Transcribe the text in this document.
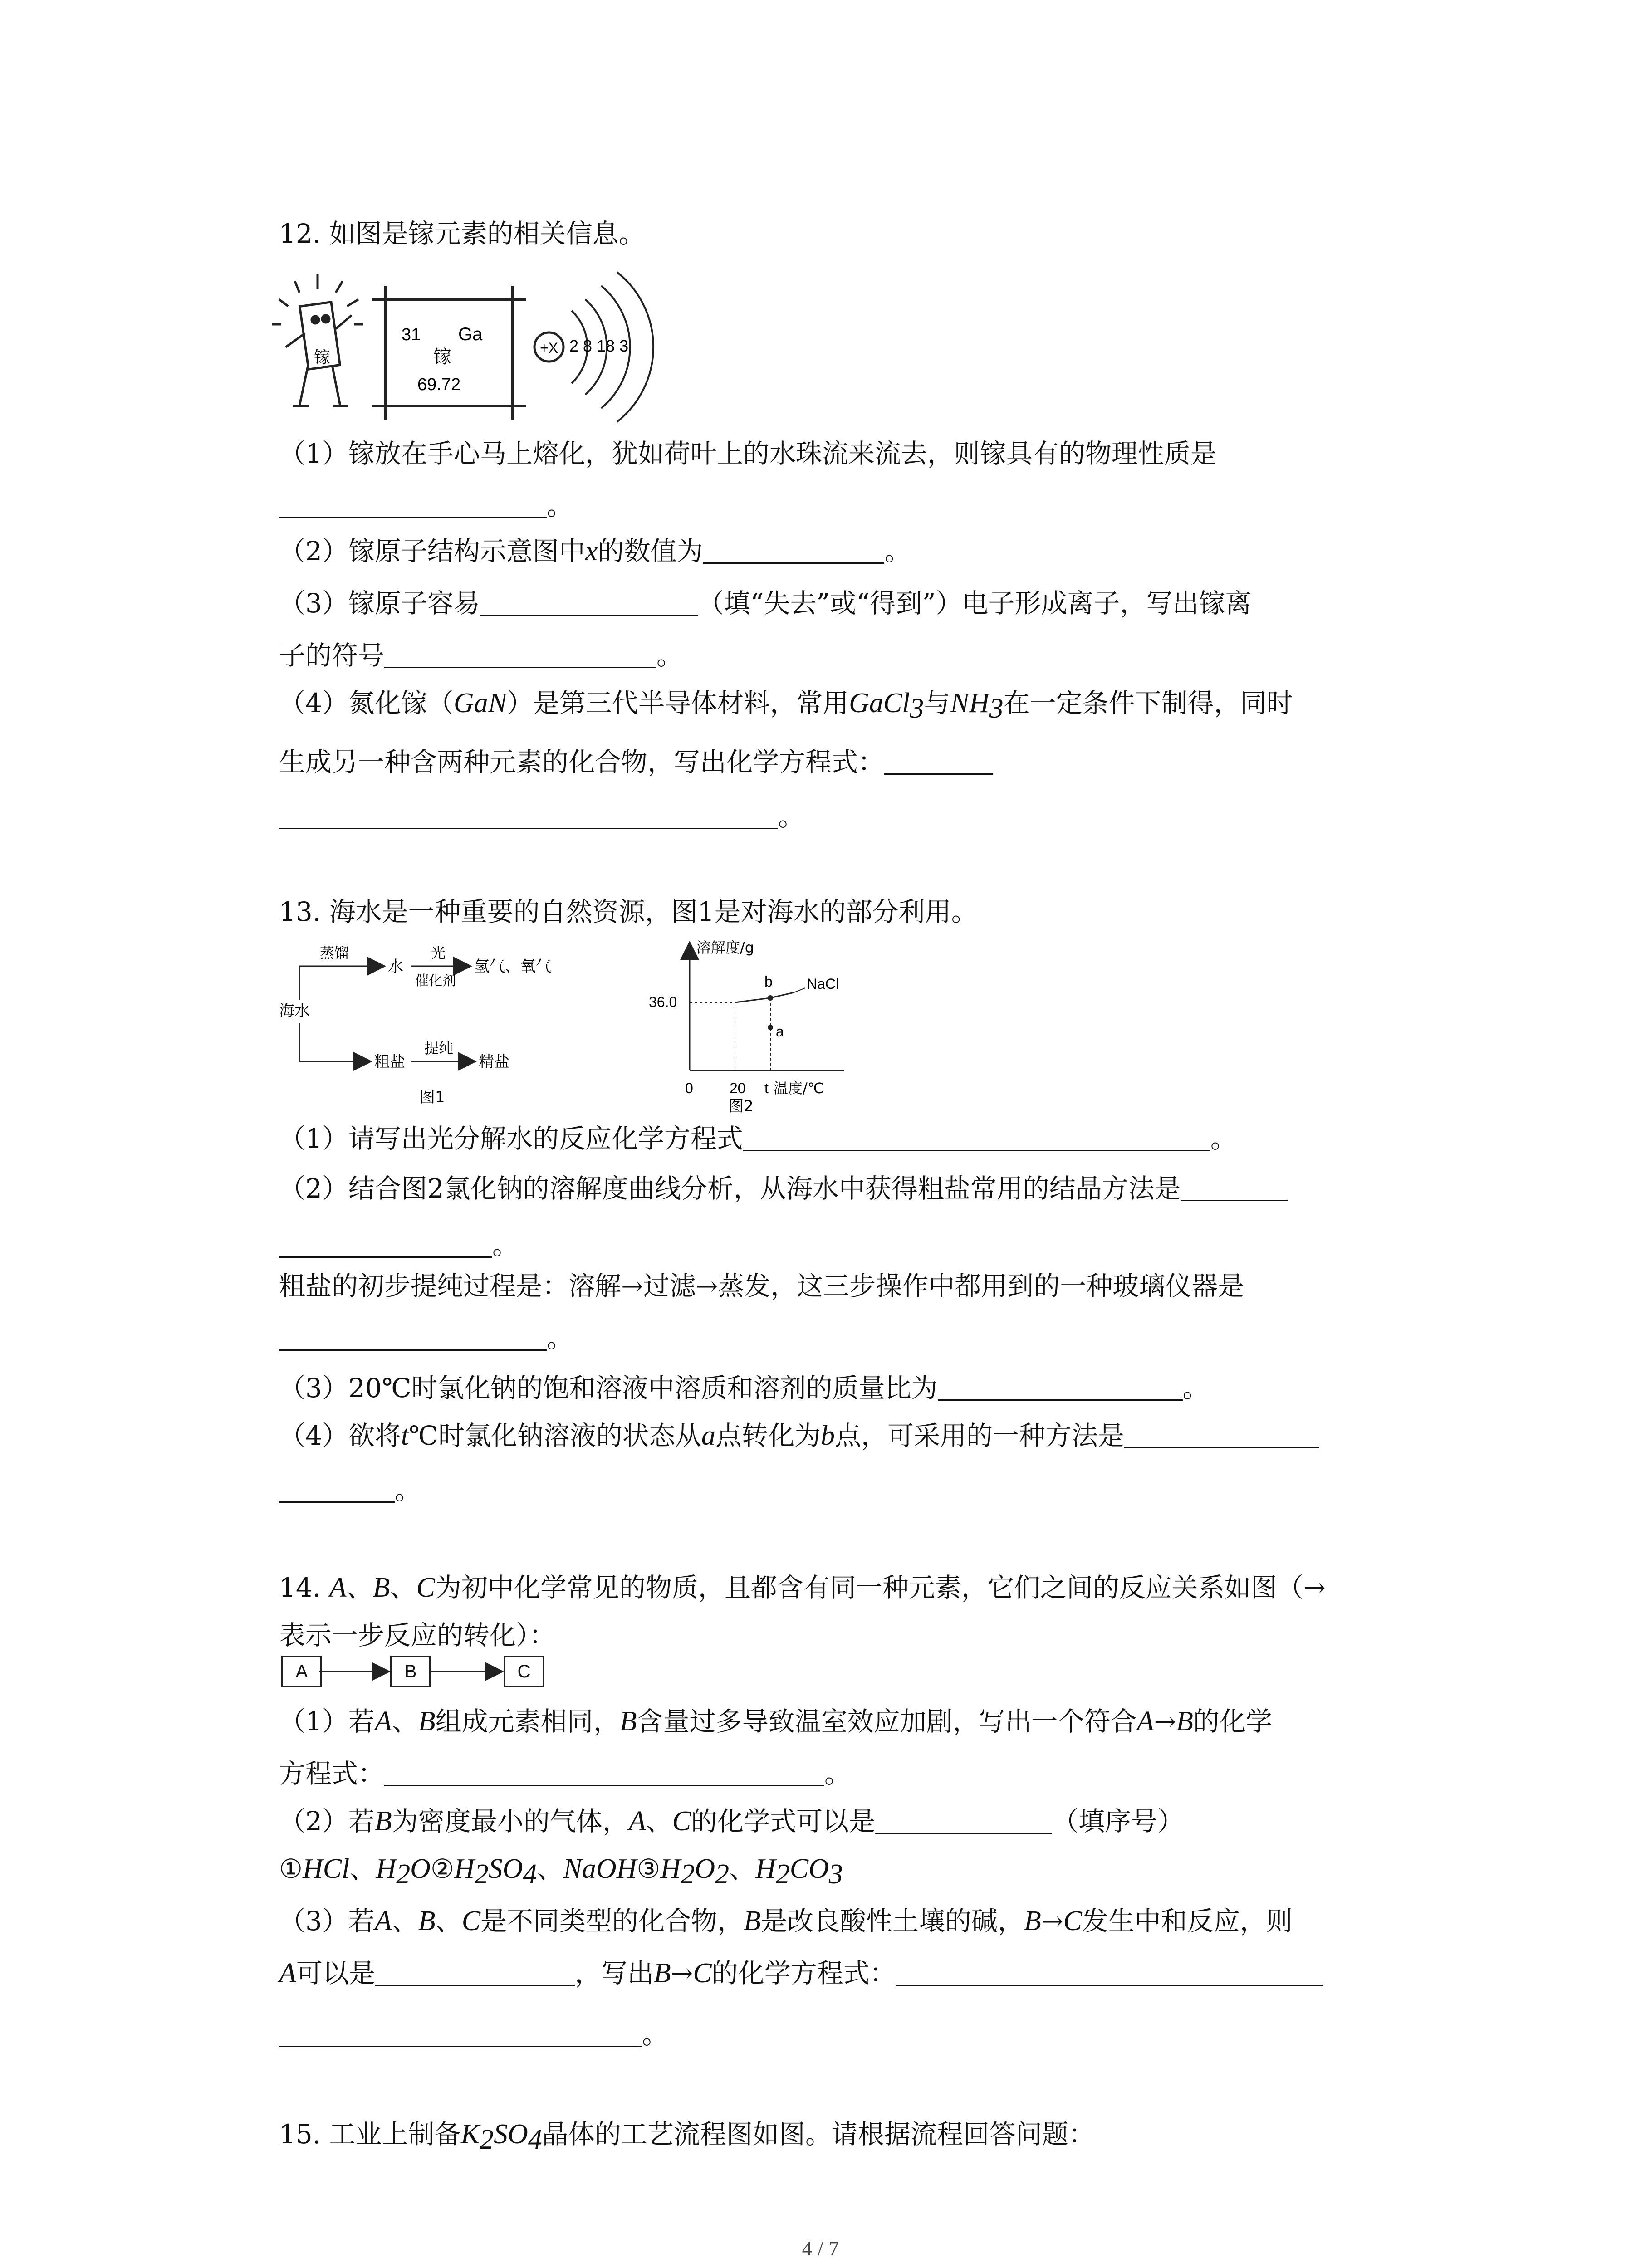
12. 如图是镓元素的相关信息。
镓
31 Ga
镓
69.72
+X 2 8 18 3
（1）镓放在手心马上熔化，犹如荷叶上的水珠流来流去，则镓具有的物理性质是
。
（2）镓原子结构示意图中x的数值为	。
（3）镓原子容易	（填“失去”或“得到”）电子形成离子，写出镓离
子的符号	。
（4）氮化镓（GaN）是第三代半导体材料，常用GaCl$_3$与$NH_3$在一定条件下制得，同时
生成另一种含两种元素的化合物，写出化学方程式：
。
13. 海水是一种重要的自然资源，图1是对海水的部分利用。
海水
蒸馏
水
光
催化剂
氢气、氧气
提纯
粗盐	精盐
图1
溶解度/g
36.0
0	20 t 温度/℃
NaCl
b
a
图2
（1）请写出光分解水的反应化学方程式	。
（2）结合图2氯化钠的溶解度曲线分析，从海水中获得粗盐常用的结晶方法是
。
粗盐的初步提纯过程是：溶解→过滤→蒸发，这三步操作中都用到的一种玻璃仪器是
。
（3）20℃时氯化钠的饱和溶液中溶质和溶剂的质量比为	。
（4）欲将t℃时氯化钠溶液的状态从a点转化为b点，可采用的一种方法是
。
14. A、B、C为初中化学常见的物质，且都含有同一种元素，它们之间的反应关系如图（→
表示一步反应的转化）：
A	B	C
（1）若A、B组成元素相同，B含量过多导致温室效应加剧，写出一个符合A→B的化学
方程式：	。
（2）若B为密度最小的气体，A、C的化学式可以是	（填序号）
①HCl、$H_2O②H_2SO_4$、$NaOH③H_2O_2$、$H_2CO_3$
（3）若A、B、C是不同类型的化合物，B是改良酸性土壤的碱，B→C发生中和反应，则
A可以是	，写出B→C的化学方程式：
。
15. 工业上制备$K_2SO_4$晶体的工艺流程图如图。请根据流程回答问题：
4 / 7
